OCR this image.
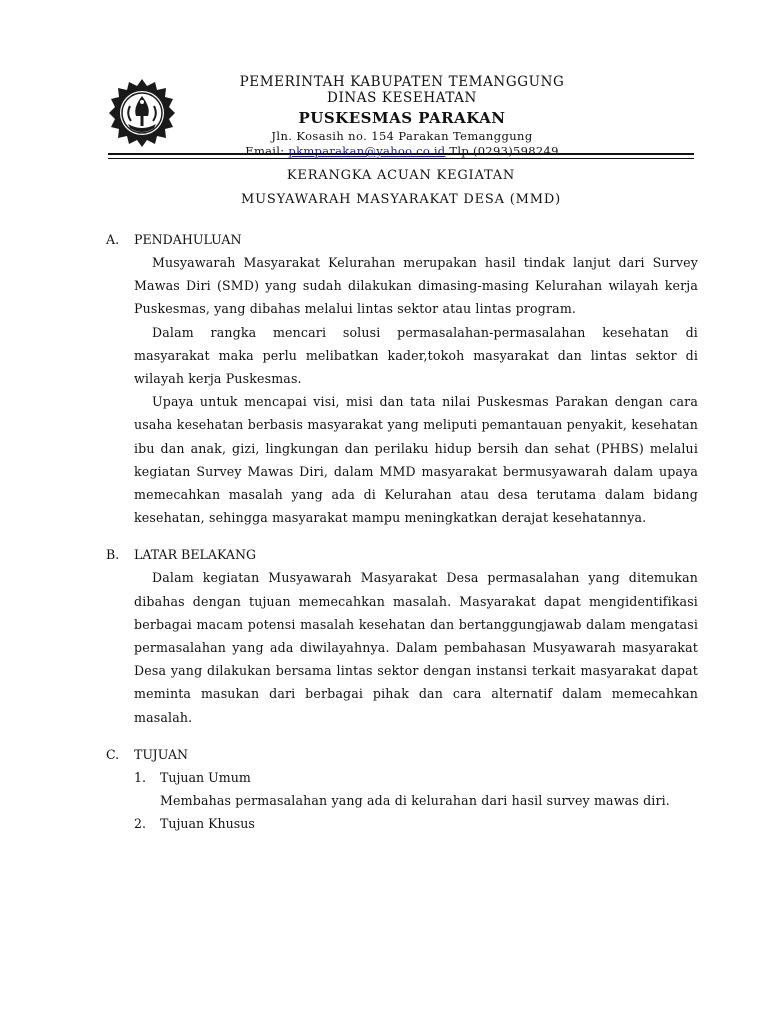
PEMERINTAH KABUPATEN TEMANGGUNG
DINAS KESEHATAN
PUSKESMAS PARAKAN
Jln. Kosasih no. 154 Parakan Temanggung
Email: pkmparakan@yahoo.co.id Tlp.(0293)598249
KERANGKA ACUAN KEGIATAN
MUSYAWARAH MASYARAKAT DESA (MMD)
A. PENDAHULUAN
Musyawarah Masyarakat Kelurahan merupakan hasil tindak lanjut dari Survey Mawas Diri (SMD) yang sudah dilakukan dimasing-masing Kelurahan wilayah kerja Puskesmas, yang dibahas melalui lintas sektor atau lintas program.
Dalam rangka mencari solusi permasalahan-permasalahan kesehatan di masyarakat maka perlu melibatkan kader,tokoh masyarakat dan lintas sektor di wilayah kerja Puskesmas.
Upaya untuk mencapai visi, misi dan tata nilai Puskesmas Parakan dengan cara usaha kesehatan berbasis masyarakat yang meliputi pemantauan penyakit, kesehatan ibu dan anak, gizi, lingkungan dan perilaku hidup bersih dan sehat (PHBS) melalui kegiatan Survey Mawas Diri, dalam MMD masyarakat bermusyawarah dalam upaya memecahkan masalah yang ada di Kelurahan atau desa terutama dalam bidang kesehatan, sehingga masyarakat mampu meningkatkan derajat kesehatannya.
B. LATAR BELAKANG
Dalam kegiatan Musyawarah Masyarakat Desa permasalahan yang ditemukan dibahas dengan tujuan memecahkan masalah. Masyarakat dapat mengidentifikasi berbagai macam potensi masalah kesehatan dan bertanggungjawab dalam mengatasi permasalahan yang ada diwilayahnya. Dalam pembahasan Musyawarah masyarakat Desa yang dilakukan bersama lintas sektor dengan instansi terkait masyarakat dapat meminta masukan dari berbagai pihak dan cara alternatif dalam memecahkan masalah.
C. TUJUAN
1. Tujuan Umum
Membahas permasalahan yang ada di kelurahan dari hasil survey mawas diri.
2. Tujuan Khusus
